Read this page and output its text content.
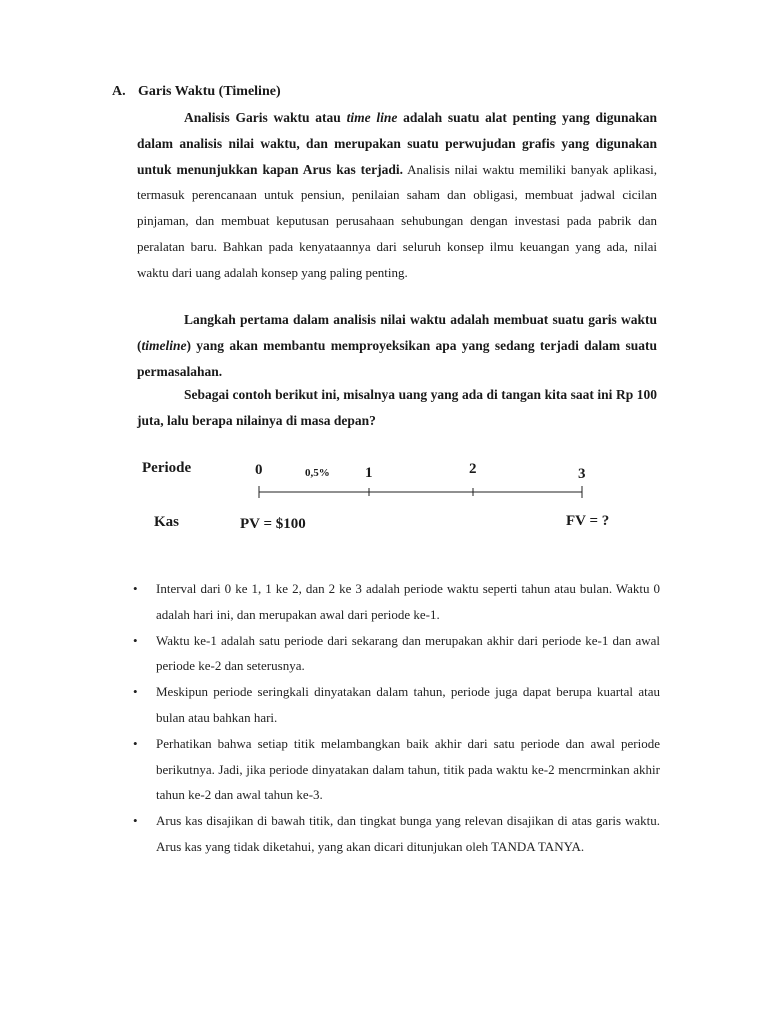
A. Garis Waktu (Timeline)

Analisis Garis waktu atau time line adalah suatu alat penting yang digunakan dalam analisis nilai waktu, dan merupakan suatu perwujudan grafis yang digunakan untuk menunjukkan kapan Arus kas terjadi. Analisis nilai waktu memiliki banyak aplikasi, termasuk perencanaan untuk pensiun, penilaian saham dan obligasi, membuat jadwal cicilan pinjaman, dan membuat keputusan perusahaan sehubungan dengan investasi pada pabrik dan peralatan baru. Bahkan pada kenyataannya dari seluruh konsep ilmu keuangan yang ada, nilai waktu dari uang adalah konsep yang paling penting.

Langkah pertama dalam analisis nilai waktu adalah membuat suatu garis waktu (timeline) yang akan membantu memproyeksikan apa yang sedang terjadi dalam suatu permasalahan.

Sebagai contoh berikut ini, misalnya uang yang ada di tangan kita saat ini Rp 100 juta, lalu berapa nilainya di masa depan?

Periode
Kas
0	0,5% 1	2	3
PV = $100	FV = ?
• Interval dari 0 ke 1, 1 ke 2, dan 2 ke 3 adalah periode waktu seperti tahun atau bulan. Waktu 0 adalah hari ini, dan merupakan awal dari periode ke-1.
• Waktu ke-1 adalah satu periode dari sekarang dan merupakan akhir dari periode ke-1 dan awal periode ke-2 dan seterusnya.
• Meskipun periode seringkali dinyatakan dalam tahun, periode juga dapat berupa kuartal atau bulan atau bahkan hari.
• Perhatikan bahwa setiap titik melambangkan baik akhir dari satu periode dan awal periode berikutnya. Jadi, jika periode dinyatakan dalam tahun, titik pada waktu ke-2 mencrminkan akhir tahun ke-2 dan awal tahun ke-3.
• Arus kas disajikan di bawah titik, dan tingkat bunga yang relevan disajikan di atas garis waktu. Arus kas yang tidak diketahui, yang akan dicari ditunjukan oleh TANDA TANYA.
